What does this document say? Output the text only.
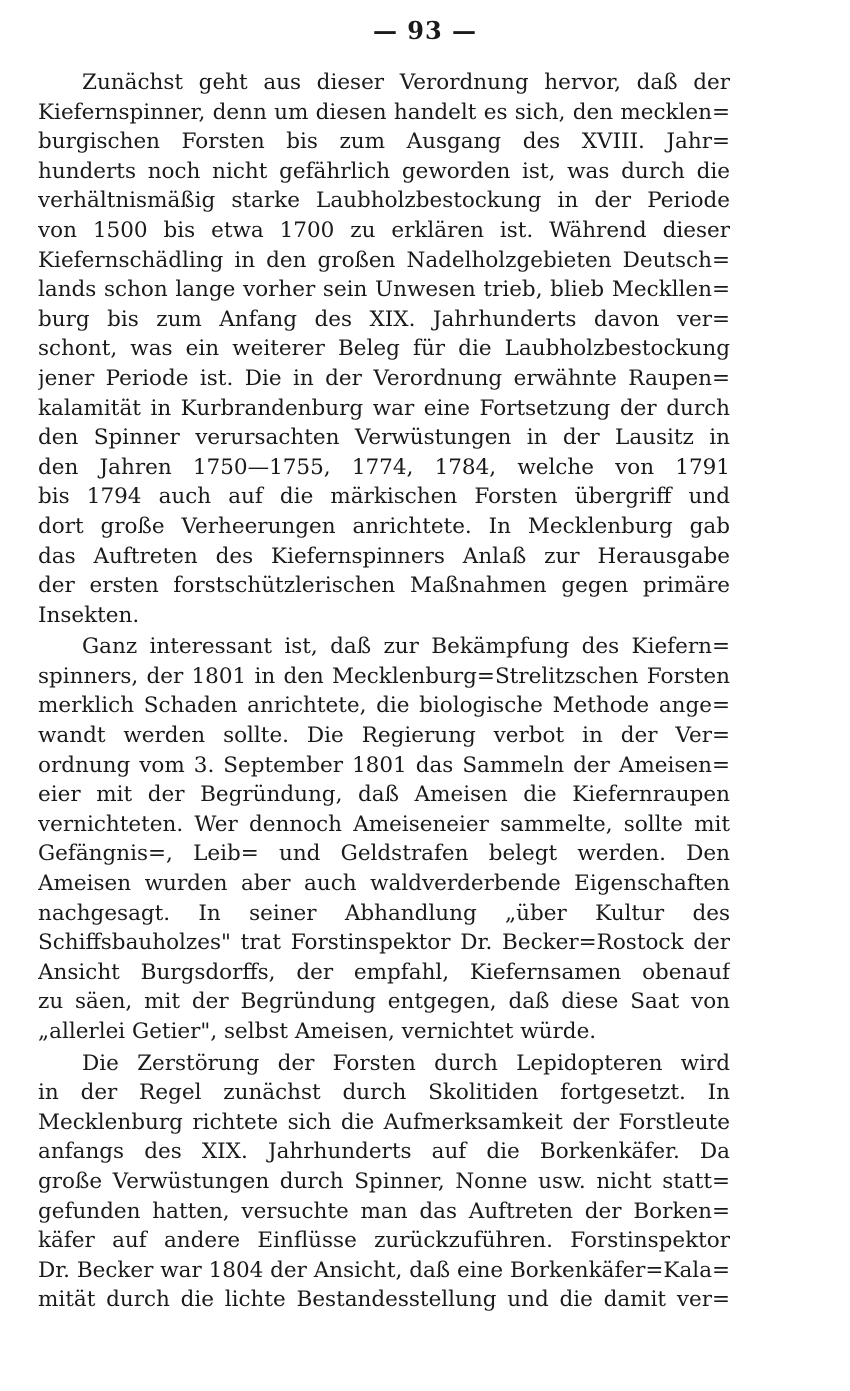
— 93 —
Zunächst geht aus dieser Verordnung hervor, daß der
Kiefernspinner, denn um diesen handelt es sich, den mecklen=
burgischen Forsten bis zum Ausgang des XVIII. Jahr=
hunderts noch nicht gefährlich geworden ist, was durch die
verhältnismäßig starke Laubholzbestockung in der Periode
von 1500 bis etwa 1700 zu erklären ist. Während dieser
Kiefernschädling in den großen Nadelholzgebieten Deutsch=
lands schon lange vorher sein Unwesen trieb, blieb Meckllen=
burg bis zum Anfang des XIX. Jahrhunderts davon ver=
schont, was ein weiterer Beleg für die Laubholzbestockung
jener Periode ist. Die in der Verordnung erwähnte Raupen=
kalamität in Kurbrandenburg war eine Fortsetzung der durch
den Spinner verursachten Verwüstungen in der Lausitz in
den Jahren 1750—1755, 1774, 1784, welche von 1791
bis 1794 auch auf die märkischen Forsten übergriff und
dort große Verheerungen anrichtete. In Mecklenburg gab
das Auftreten des Kiefernspinners Anlaß zur Herausgabe
der ersten forstschützlerischen Maßnahmen gegen primäre
Insekten.
Ganz interessant ist, daß zur Bekämpfung des Kiefern=
spinners, der 1801 in den Mecklenburg=Strelitzschen Forsten
merklich Schaden anrichtete, die biologische Methode ange=
wandt werden sollte. Die Regierung verbot in der Ver=
ordnung vom 3. September 1801 das Sammeln der Ameisen=
eier mit der Begründung, daß Ameisen die Kiefernraupen
vernichteten. Wer dennoch Ameiseneier sammelte, sollte mit
Gefängnis=, Leib= und Geldstrafen belegt werden. Den
Ameisen wurden aber auch waldverderbende Eigenschaften
nachgesagt. In seiner Abhandlung „über Kultur des
Schiffsbauholzes" trat Forstinspektor Dr. Becker=Rostock der
Ansicht Burgsdorffs, der empfahl, Kiefernsamen obenauf
zu säen, mit der Begründung entgegen, daß diese Saat von
„allerlei Getier", selbst Ameisen, vernichtet würde.
Die Zerstörung der Forsten durch Lepidopteren wird
in der Regel zunächst durch Skolitiden fortgesetzt. In
Mecklenburg richtete sich die Aufmerksamkeit der Forstleute
anfangs des XIX. Jahrhunderts auf die Borkenkäfer. Da
große Verwüstungen durch Spinner, Nonne usw. nicht statt=
gefunden hatten, versuchte man das Auftreten der Borken=
käfer auf andere Einflüsse zurückzuführen. Forstinspektor
Dr. Becker war 1804 der Ansicht, daß eine Borkenkäfer=Kala=
mität durch die lichte Bestandesstellung und die damit ver=
